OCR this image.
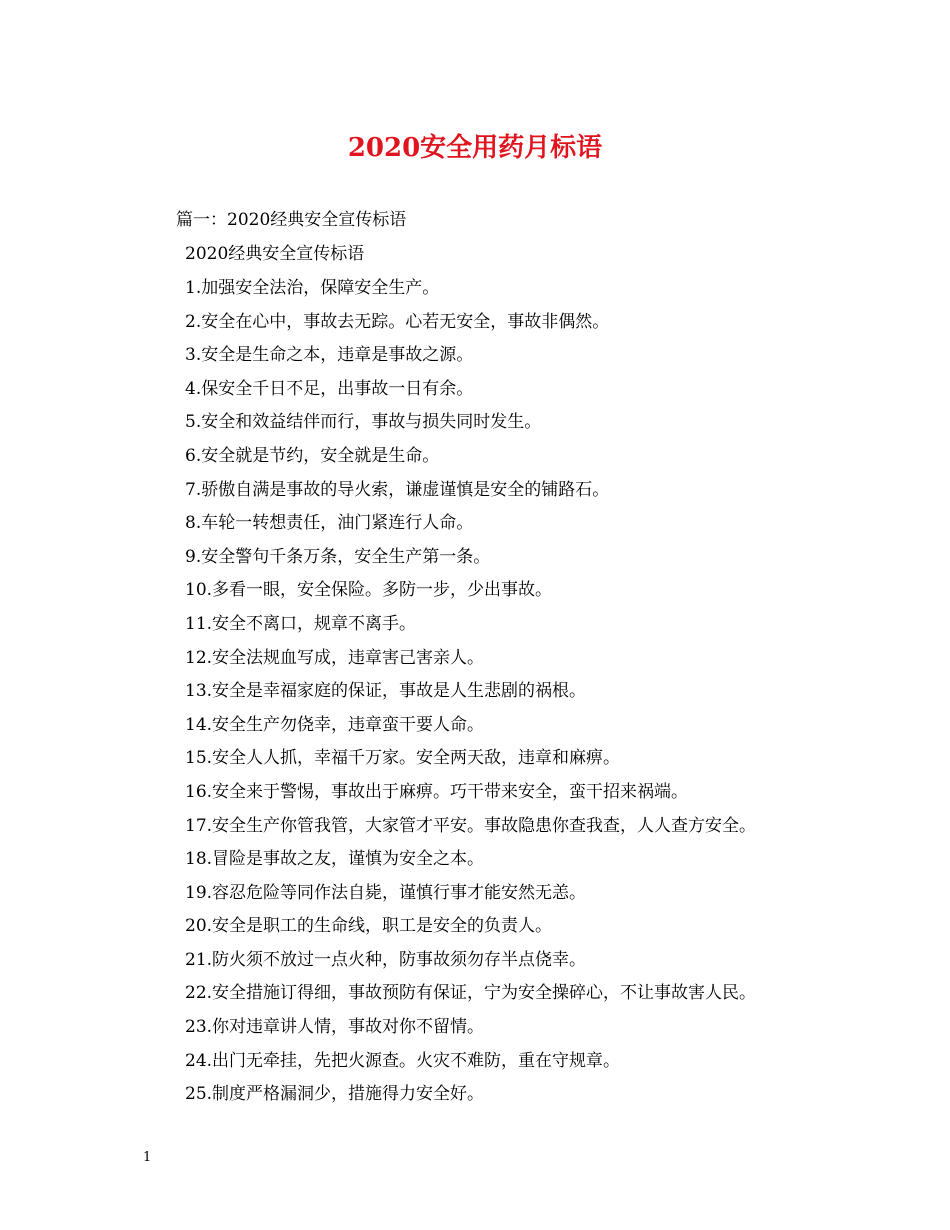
2020安全用药月标语
篇一：2020经典安全宣传标语
2020经典安全宣传标语
1.加强安全法治，保障安全生产。
2.安全在心中，事故去无踪。心若无安全，事故非偶然。
3.安全是生命之本，违章是事故之源。
4.保安全千日不足，出事故一日有余。
5.安全和效益结伴而行，事故与损失同时发生。
6.安全就是节约，安全就是生命。
7.骄傲自满是事故的导火索，谦虚谨慎是安全的铺路石。
8.车轮一转想责任，油门紧连行人命。
9.安全警句千条万条，安全生产第一条。
10.多看一眼，安全保险。多防一步，少出事故。
11.安全不离口，规章不离手。
12.安全法规血写成，违章害己害亲人。
13.安全是幸福家庭的保证，事故是人生悲剧的祸根。
14.安全生产勿侥幸，违章蛮干要人命。
15.安全人人抓，幸福千万家。安全两天敌，违章和麻痹。
16.安全来于警惕，事故出于麻痹。巧干带来安全，蛮干招来祸端。
17.安全生产你管我管，大家管才平安。事故隐患你查我查，人人查方安全。
18.冒险是事故之友，谨慎为安全之本。
19.容忍危险等同作法自毙，谨慎行事才能安然无恙。
20.安全是职工的生命线，职工是安全的负责人。
21.防火须不放过一点火种，防事故须勿存半点侥幸。
22.安全措施订得细，事故预防有保证，宁为安全操碎心，不让事故害人民。
23.你对违章讲人情，事故对你不留情。
24.出门无牵挂，先把火源查。火灾不难防，重在守规章。
25.制度严格漏洞少，措施得力安全好。
1
